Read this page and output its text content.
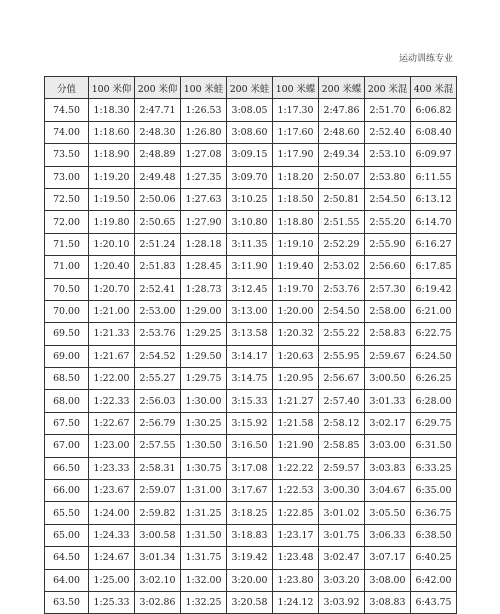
运动训练专业
分值	100 米仰	200 米仰	100 米蛙	200 米蛙	100 米蝶	200 米蝶	200 米混	400 米混
74.50	1:18.30	2:47.71	1:26.53	3:08.05	1:17.30	2:47.86	2:51.70	6:06.82
74.00	1:18.60	2:48.30	1:26.80	3:08.60	1:17.60	2:48.60	2:52.40	6:08.40
73.50	1:18.90	2:48.89	1:27.08	3:09.15	1:17.90	2:49.34	2:53.10	6:09.97
73.00	1:19.20	2:49.48	1:27.35	3:09.70	1:18.20	2:50.07	2:53.80	6:11.55
72.50	1:19.50	2:50.06	1:27.63	3:10.25	1:18.50	2:50.81	2:54.50	6:13.12
72.00	1:19.80	2:50.65	1:27.90	3:10.80	1:18.80	2:51.55	2:55.20	6:14.70
71.50	1:20.10	2:51.24	1:28.18	3:11.35	1:19.10	2:52.29	2:55.90	6:16.27
71.00	1:20.40	2:51.83	1:28.45	3:11.90	1:19.40	2:53.02	2:56.60	6:17.85
70.50	1:20.70	2:52.41	1:28.73	3:12.45	1:19.70	2:53.76	2:57.30	6:19.42
70.00	1:21.00	2:53.00	1:29.00	3:13.00	1:20.00	2:54.50	2:58.00	6:21.00
69.50	1:21.33	2:53.76	1:29.25	3:13.58	1:20.32	2:55.22	2:58.83	6:22.75
69.00	1:21.67	2:54.52	1:29.50	3:14.17	1:20.63	2:55.95	2:59.67	6:24.50
68.50	1:22.00	2:55.27	1:29.75	3:14.75	1:20.95	2:56.67	3:00.50	6:26.25
68.00	1:22.33	2:56.03	1:30.00	3:15.33	1:21.27	2:57.40	3:01.33	6:28.00
67.50	1:22.67	2:56.79	1:30.25	3:15.92	1:21.58	2:58.12	3:02.17	6:29.75
67.00	1:23.00	2:57.55	1:30.50	3:16.50	1:21.90	2:58.85	3:03.00	6:31.50
66.50	1:23.33	2:58.31	1:30.75	3:17.08	1:22.22	2:59.57	3:03.83	6:33.25
66.00	1:23.67	2:59.07	1:31.00	3:17.67	1:22.53	3:00.30	3:04.67	6:35.00
65.50	1:24.00	2:59.82	1:31.25	3:18.25	1:22.85	3:01.02	3:05.50	6:36.75
65.00	1:24.33	3:00.58	1:31.50	3:18.83	1:23.17	3:01.75	3:06.33	6:38.50
64.50	1:24.67	3:01.34	1:31.75	3:19.42	1:23.48	3:02.47	3:07.17	6:40.25
64.00	1:25.00	3:02.10	1:32.00	3:20.00	1:23.80	3:03.20	3:08.00	6:42.00
63.50	1:25.33	3:02.86	1:32.25	3:20.58	1:24.12	3:03.92	3:08.83	6:43.75
